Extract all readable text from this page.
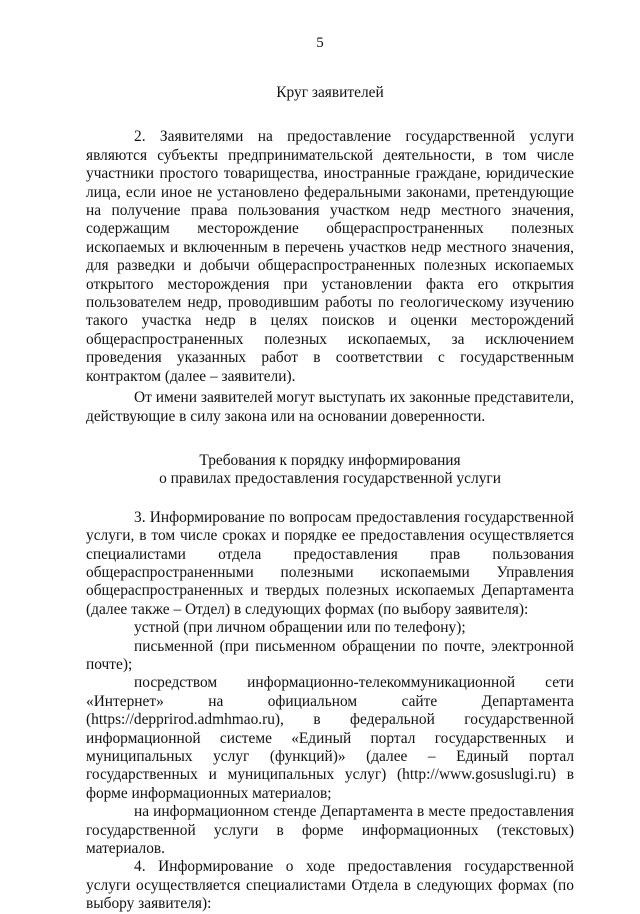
5
Круг заявителей

2. Заявителями на предоставление государственной услуги являются субъекты предпринимательской деятельности, в том числе участники простого товарищества, иностранные граждане, юридические лица, если иное не установлено федеральными законами, претендующие на получение права пользования участком недр местного значения, содержащим месторождение общераспространенных полезных ископаемых и включенным в перечень участков недр местного значения, для разведки и добычи общераспространенных полезных ископаемых открытого месторождения при установлении факта его открытия пользователем недр, проводившим работы по геологическому изучению такого участка недр в целях поисков и оценки месторождений общераспространенных полезных ископаемых, за исключением проведения указанных работ в соответствии с государственным контрактом (далее – заявители).

От имени заявителей могут выступать их законные представители, действующие в силу закона или на основании доверенности.

Требования к порядку информирования
о правилах предоставления государственной услуги

3. Информирование по вопросам предоставления государственной услуги, в том числе сроках и порядке ее предоставления осуществляется специалистами отдела предоставления прав пользования общераспространенными полезными ископаемыми Управления общераспространенных и твердых полезных ископаемых Департамента (далее также – Отдел) в следующих формах (по выбору заявителя):

устной (при личном обращении или по телефону);

письменной (при письменном обращении по почте, электронной почте);

посредством информационно-телекоммуникационной сети «Интернет» на официальном сайте Департамента (https://depprirod.admhmao.ru), в федеральной государственной информационной системе «Единый портал государственных и муниципальных услуг (функций)» (далее – Единый портал государственных и муниципальных услуг) (http://www.gosuslugi.ru) в форме информационных материалов;

на информационном стенде Департамента в месте предоставления государственной услуги в форме информационных (текстовых) материалов.

4. Информирование о ходе предоставления государственной услуги осуществляется специалистами Отдела в следующих формах (по выбору заявителя):
